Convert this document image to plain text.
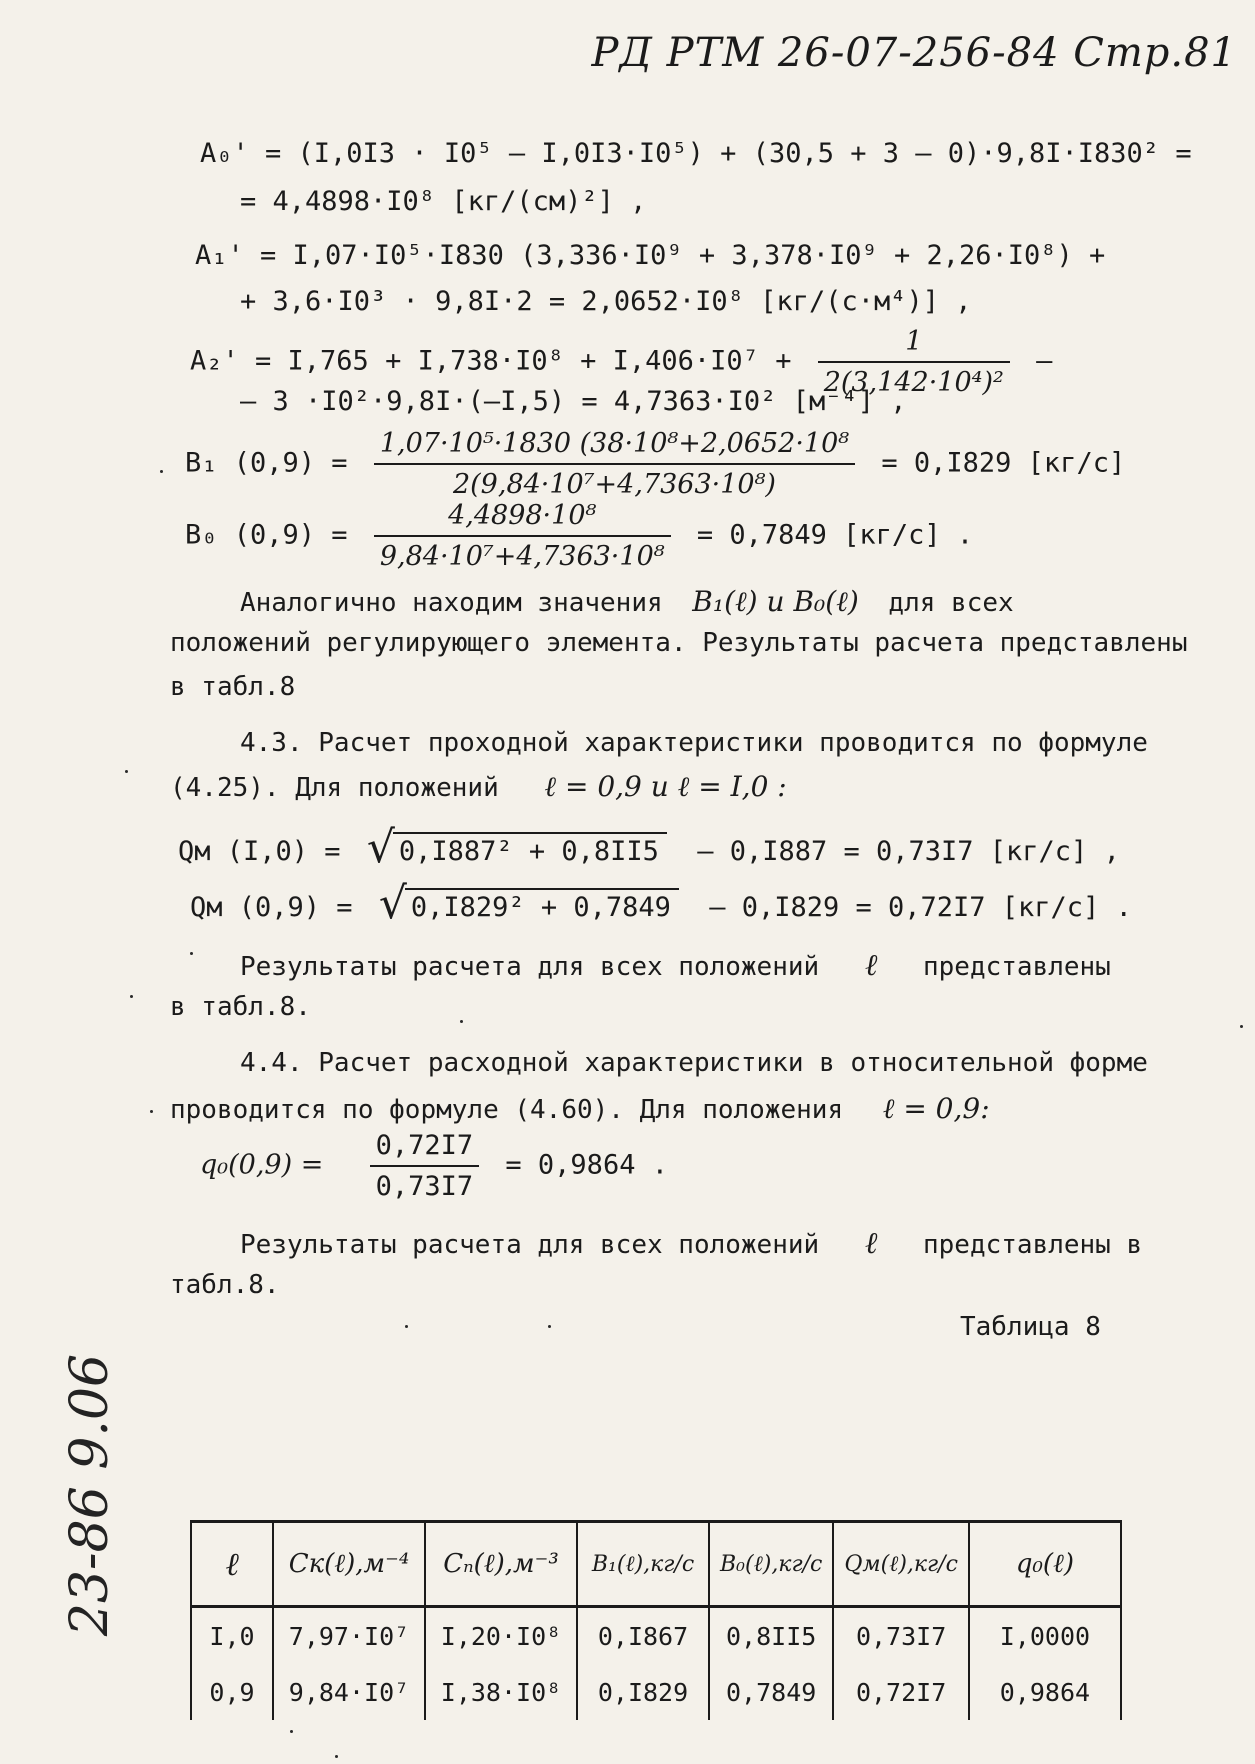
РД РТМ 26-07-256-84 Стр.81
A₀' = (I,0I3 · I0⁵ – I,0I3·I0⁵) + (30,5 + 3 – 0)·9,8I·I830² =
= 4,4898·I0⁸ [кг/(см)²] ,
A₁' = I,07·I0⁵·I830 (3,336·I0⁹ + 3,378·I0⁹ + 2,26·I0⁸) +
+ 3,6·I0³ · 9,8I·2 = 2,0652·I0⁸ [кг/(с·м⁴)] ,
$A_2' = I,765 + I,738\cdot I0^8 + I,406\cdot I0^7 + \frac{1}{\text{2(3,142·10⁴)²}}$ –
– 3 ·I0²·9,8I·(–I,5) = 4,7363·I0² [м⁻⁴] ,
B₁ $(0,9) = \frac{\text{1,07·10⁵·1830 (38·10⁸+2,0652·10⁸}}{\text{2(9,84·10⁷+4,7363·10⁸)}} = 0,I829$ [кг/с]
B₀ $(0,9) = \frac{\text{4,4898·10⁸}}{\text{9,84·10⁷+4,7363·10⁸}} = 0,7849$ [кг/с] .
Аналогично находим значения B₁(ℓ) и B₀(ℓ) для всех
положений регулирующего элемента. Результаты расчета представлены
в табл.8
4.3. Расчет проходной характеристики проводится по формуле
(4.25). Для положений ℓ = 0,9 и ℓ = I,0 :
Qм (I,0) = √ 0,I887² + 0,8II5 – 0,I887 = 0,73I7 [кг/с] ,
Qм (0,9) = √ 0,I829² + 0,7849 – 0,I829 = 0,72I7 [кг/с] .
Результаты расчета для всех положений ℓ представлены
в табл.8.
4.4. Расчет расходной характеристики в относительной форме
проводится по формуле (4.60). Для положения ℓ = 0,9:
$q_0(0,9) = \frac{0,72I7}{0,73I7} = 0,9864$ .
Результаты расчета для всех положений ℓ представлены в
табл.8.
Таблица 8
ℓ	Cк(ℓ),м⁻⁴	Cₙ(ℓ),м⁻³	B₁(ℓ),кг/с	B₀(ℓ),кг/с	Qм(ℓ),кг/с	q₀(ℓ)
I,0	7,97·I0⁷	I,20·I0⁸	0,I867	0,8II5	0,73I7	I,0000
0,9	9,84·I0⁷	I,38·I0⁸	0,I829	0,7849	0,72I7	0,9864
23-86 9.06
